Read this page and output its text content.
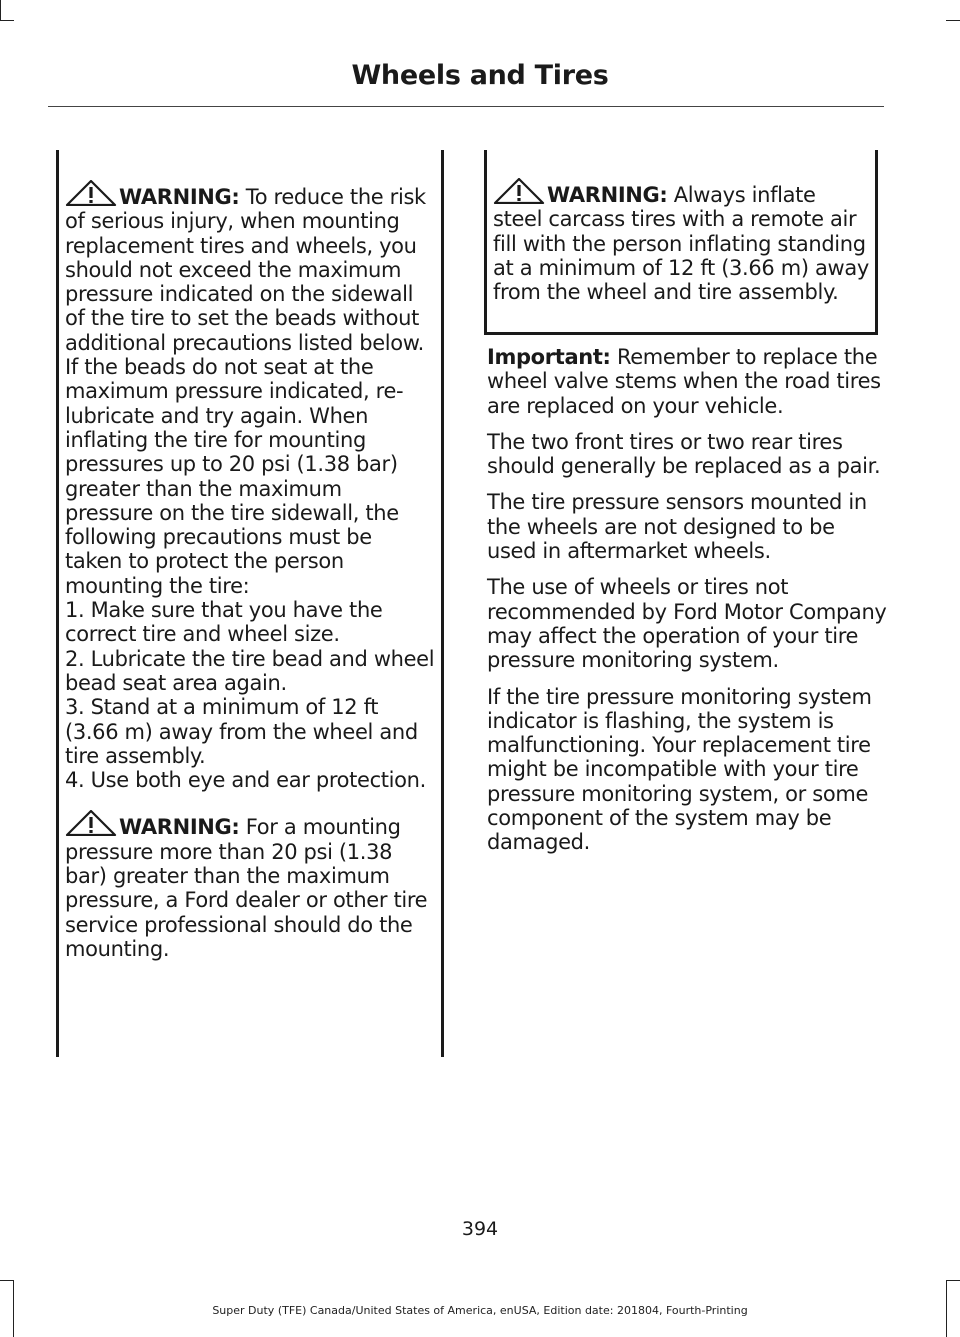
Wheels and Tires
WARNING: To reduce the risk of serious injury, when mounting replacement tires and wheels, you should not exceed the maximum pressure indicated on the sidewall of the tire to set the beads without additional precautions listed below. If the beads do not seat at the maximum pressure indicated, re-lubricate and try again. When inflating the tire for mounting pressures up to 20 psi (1.38 bar) greater than the maximum pressure on the tire sidewall, the following precautions must be taken to protect the person mounting the tire:
1. Make sure that you have the correct tire and wheel size.
2. Lubricate the tire bead and wheel bead seat area again.
3. Stand at a minimum of 12 ft (3.66 m) away from the wheel and tire assembly.
4. Use both eye and ear protection.
WARNING: For a mounting pressure more than 20 psi (1.38 bar) greater than the maximum pressure, a Ford dealer or other tire service professional should do the mounting.
WARNING: Always inflate steel carcass tires with a remote air fill with the person inflating standing at a minimum of 12 ft (3.66 m) away from the wheel and tire assembly.

Important: Remember to replace the wheel valve stems when the road tires are replaced on your vehicle.

The two front tires or two rear tires should generally be replaced as a pair.

The tire pressure sensors mounted in the wheels are not designed to be used in aftermarket wheels.

The use of wheels or tires not recommended by Ford Motor Company may affect the operation of your tire pressure monitoring system.

If the tire pressure monitoring system indicator is flashing, the system is malfunctioning. Your replacement tire might be incompatible with your tire pressure monitoring system, or some component of the system may be damaged.

394
Super Duty (TFE) Canada/United States of America, enUSA, Edition date: 201804, Fourth-Printing
